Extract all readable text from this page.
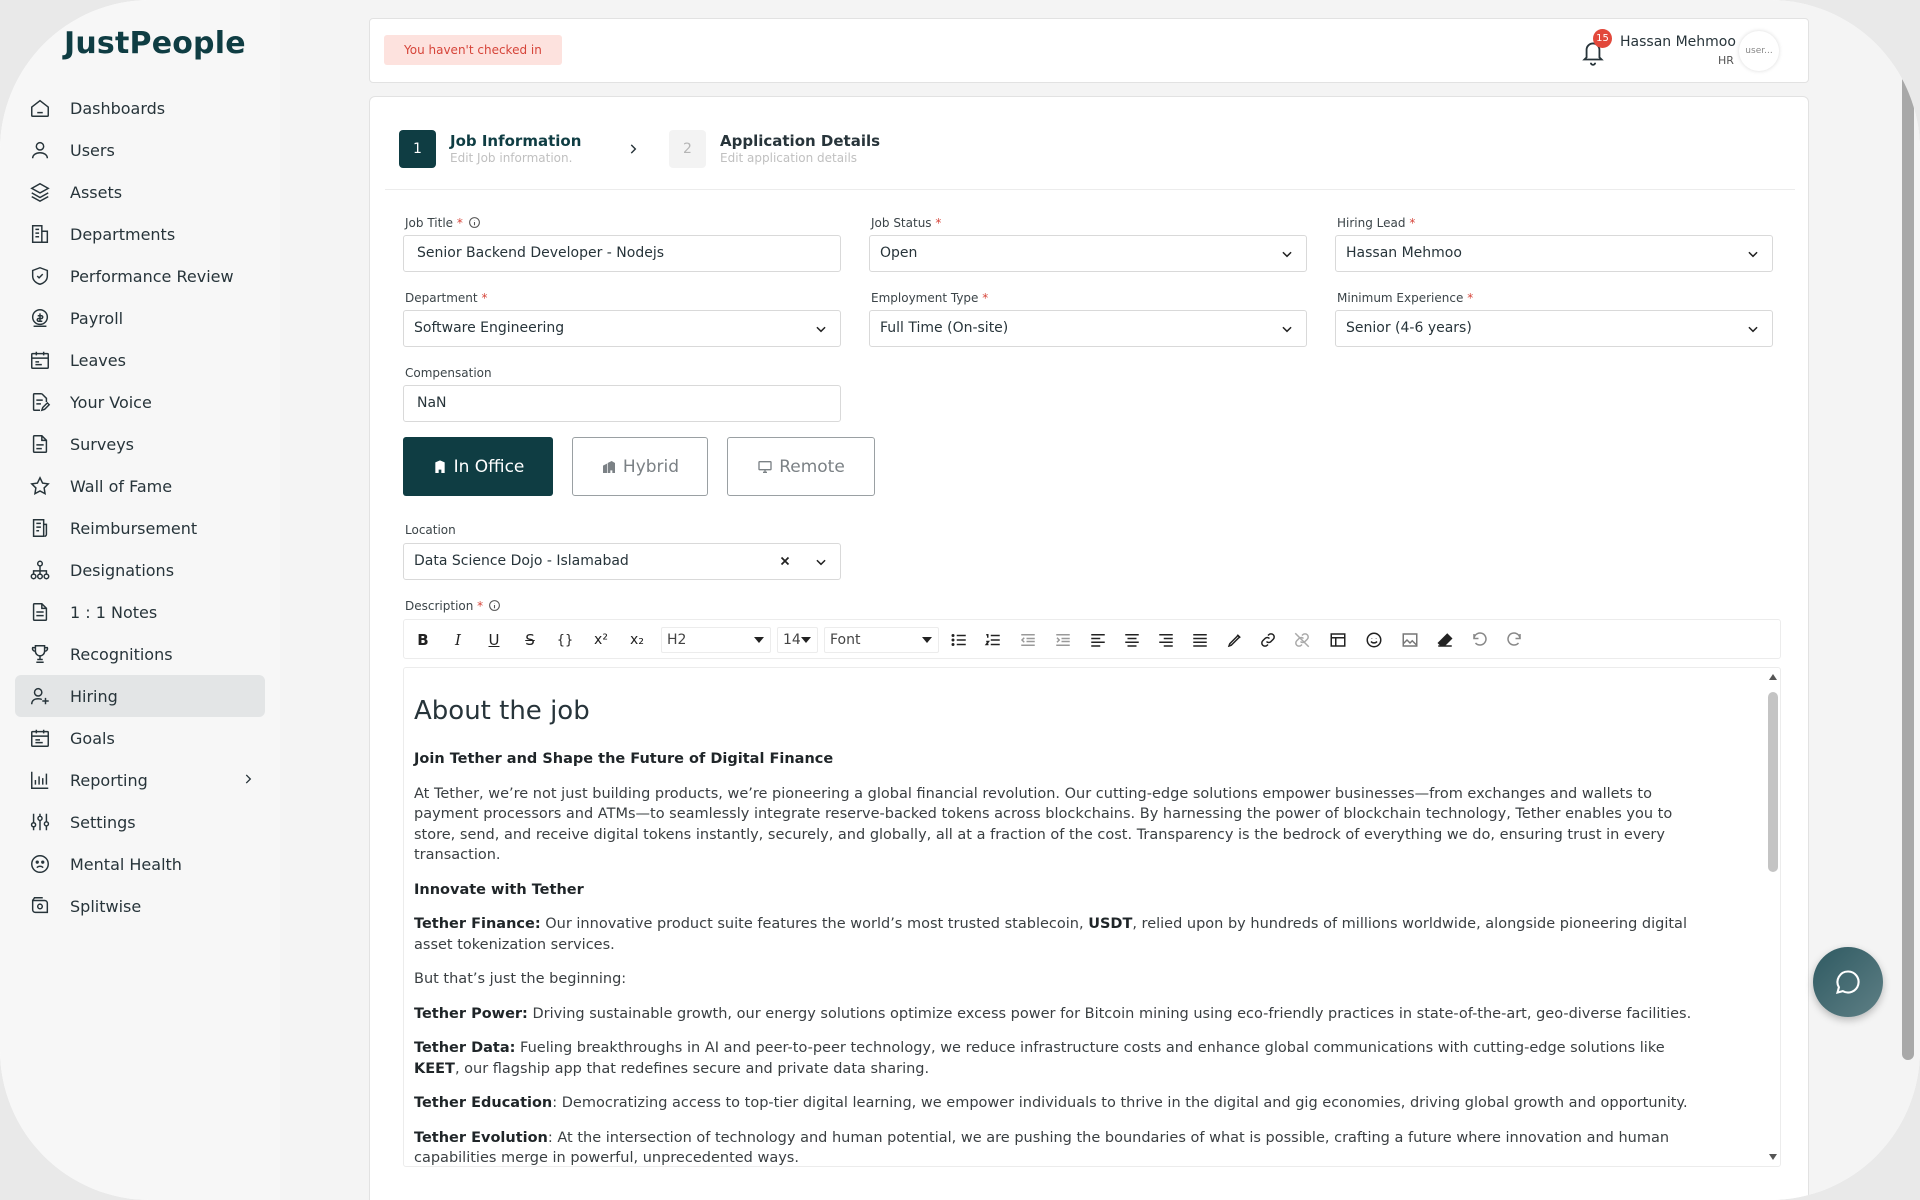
JustPeople
Dashboards
Users
Assets
Departments
Performance Review
Payroll
Leaves
Your Voice
Surveys
Wall of Fame
Reimbursement
Designations
1 : 1 Notes
Recognitions
Hiring
Goals
Reporting
Settings
Mental Health
Splitwise
You haven't checked in
15 Hassan Mehmoo
HR
user...
1	Job Information
Edit Job information.
2	Application Details
Edit application details
Job Title *
Senior Backend Developer - Nodejs
Job Status *
Open
Hiring Lead *
Hassan Mehmoo
Department *
Software Engineering
Employment Type *
Full Time (On-site)
Minimum Experience *
Senior (4-6 years)
Compensation
NaN
In Office	Hybrid	Remote
Location
Data Science Dojo - Islamabad
Description *
B	I	U S	{} x² x₂	H2	14	Font
About the job

Join Tether and Shape the Future of Digital Finance

At Tether, we’re not just building products, we’re pioneering a global financial revolution. Our cutting-edge solutions empower businesses—from exchanges and wallets to payment processors and ATMs—to seamlessly integrate reserve-backed tokens across blockchains. By harnessing the power of blockchain technology, Tether enables you to store, send, and receive digital tokens instantly, securely, and globally, all at a fraction of the cost. Transparency is the bedrock of everything we do, ensuring trust in every transaction.

Innovate with Tether

Tether Finance: Our innovative product suite features the world’s most trusted stablecoin, USDT, relied upon by hundreds of millions worldwide, alongside pioneering digital asset tokenization services.

But that’s just the beginning:

Tether Power: Driving sustainable growth, our energy solutions optimize excess power for Bitcoin mining using eco-friendly practices in state-of-the-art, geo-diverse facilities.

Tether Data: Fueling breakthroughs in AI and peer-to-peer technology, we reduce infrastructure costs and enhance global communications with cutting-edge solutions like KEET, our flagship app that redefines secure and private data sharing.

Tether Education: Democratizing access to top-tier digital learning, we empower individuals to thrive in the digital and gig economies, driving global growth and opportunity.

Tether Evolution: At the intersection of technology and human potential, we are pushing the boundaries of what is possible, crafting a future where innovation and human capabilities merge in powerful, unprecedented ways.
